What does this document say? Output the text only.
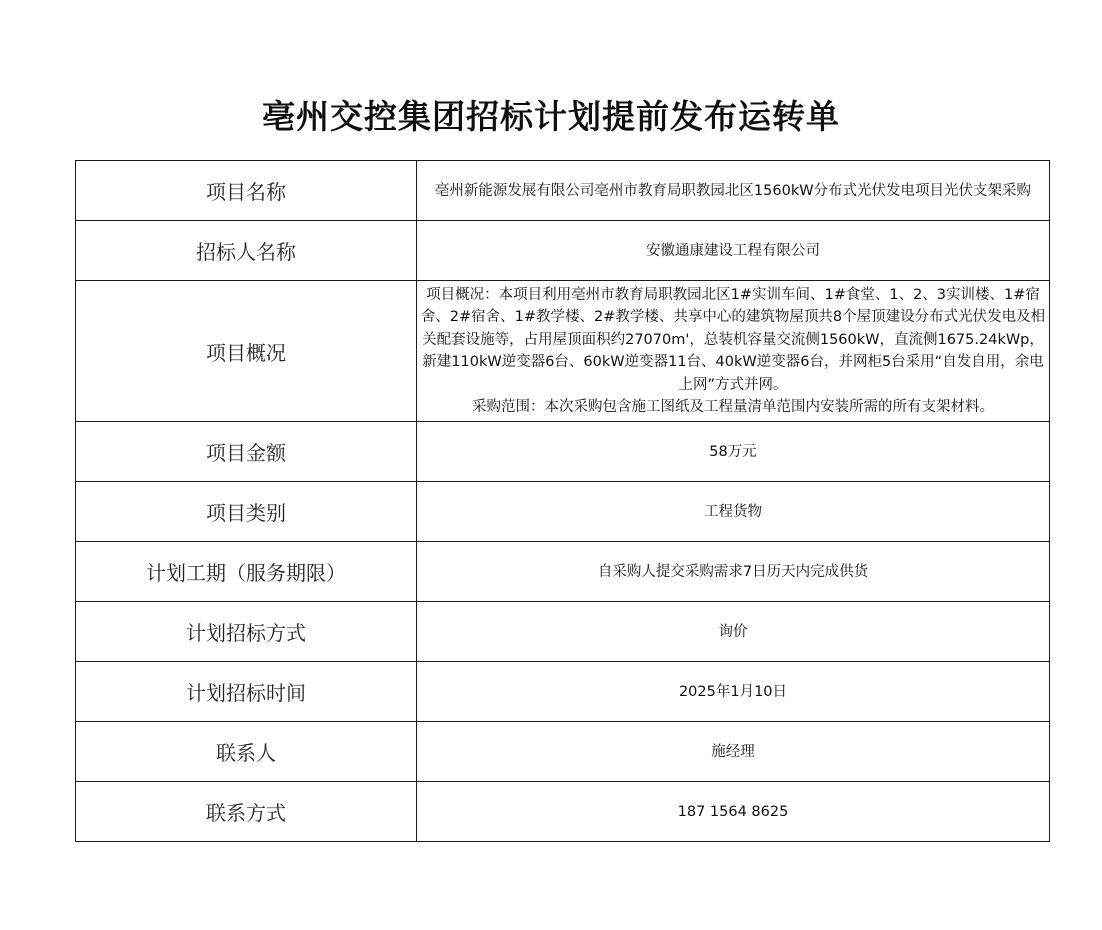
亳州交控集团招标计划提前发布运转单
项目名称	亳州新能源发展有限公司亳州市教育局职教园北区1560kW分布式光伏发电项目光伏支架采购
招标人名称	安徽通康建设工程有限公司
项目概况	项目概况：本项目利用亳州市教育局职教园北区1#实训车间、1#食堂、1、2、3实训楼、1#宿舍、2#宿舍、1#教学楼、2#教学楼、共享中心的建筑物屋顶共8个屋顶建设分布式光伏发电及相关配套设施等，占用屋顶面积约27070m'，总装机容量交流侧1560kW，直流侧1675.24kWp，新建110kW逆变器6台、60kW逆变器11台、40kW逆变器6台，并网柜5台采用“自发自用，余电上网”方式并网。
采购范围：本次采购包含施工图纸及工程量清单范围内安装所需的所有支架材料。

项目金额	58万元
项目类别	工程货物
计划工期（服务期限）	自采购人提交采购需求7日历天内完成供货
计划招标方式	询价
计划招标时间	2025年1月10日
联系人	施经理
联系方式	187 1564 8625
